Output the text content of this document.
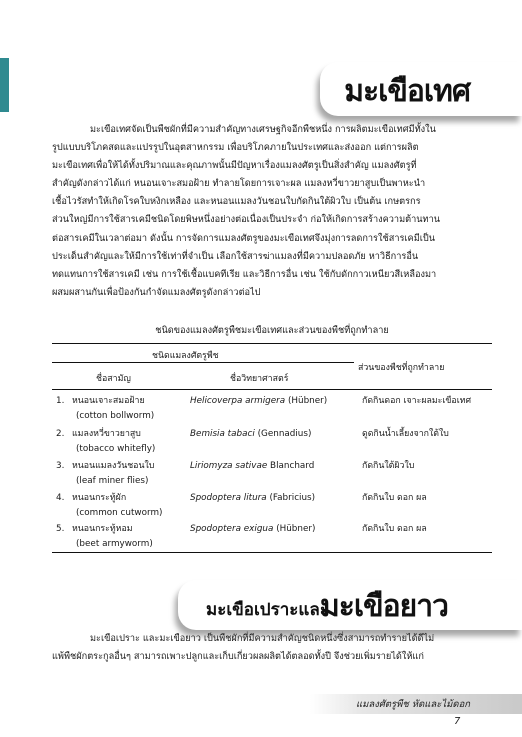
มะเขือเทศ
มะเขือเทศจัดเป็นพืชผักที่มีความสำคัญทางเศรษฐกิจอีกพืชหนึ่ง การผลิตมะเขือเทศมีทั้งใน
รูปแบบบริโภคสดและแปรรูปในอุตสาหกรรม เพื่อบริโภคภายในประเทศและส่งออก แต่การผลิต
มะเขือเทศเพื่อให้ได้ทั้งปริมาณและคุณภาพนั้นมีปัญหาเรื่องแมลงศัตรูเป็นสิ่งสำคัญ แมลงศัตรูที่
สำคัญดังกล่าวได้แก่ หนอนเจาะสมอฝ้าย ทำลายโดยการเจาะผล แมลงหวี่ขาวยาสูบเป็นพาหะนำ
เชื้อไวรัสทำให้เกิดโรคใบหงิกเหลือง และหนอนแมลงวันชอนใบกัดกินใต้ผิวใบ เป็นต้น เกษตรกร
ส่วนใหญ่มีการใช้สารเคมีชนิดโดยพิษหนึ่งอย่างต่อเนื่องเป็นประจำ ก่อให้เกิดการสร้างความต้านทาน
ต่อสารเคมีในเวลาต่อมา ดังนั้น การจัดการแมลงศัตรูของมะเขือเทศจึงมุ่งการลดการใช้สารเคมีเป็น
ประเด็นสำคัญและให้มีการใช้เท่าที่จำเป็น เลือกใช้สารฆ่าแมลงที่มีความปลอดภัย หาวิธีการอื่น
ทดแทนการใช้สารเคมี เช่น การใช้เชื้อแบคทีเรีย และวิธีการอื่น เช่น ใช้กับดักกาวเหนียวสีเหลืองมา
ผสมผสานกันเพื่อป้องกันกำจัดแมลงศัตรูดังกล่าวต่อไป
ชนิดของแมลงศัตรูพืชมะเขือเทศและส่วนของพืชที่ถูกทำลาย
ชนิดแมลงศัตรูพืช
ชื่อสามัญ	ชื่อวิทยาศาสตร์
ส่วนของพืชที่ถูกทำลาย
1. หนอนเจาะสมอฝ้าย
(cotton bollworm)
Helicoverpa armigera (Hübner)	กัดกินดอก เจาะผลมะเขือเทศ
2. แมลงหวี่ขาวยาสูบ
(tobacco whitefly)
Bemisia tabaci (Gennadius)	ดูดกินน้ำเลี้ยงจากใต้ใบ
3. หนอนแมลงวันชอนใบ
(leaf miner flies)
Liriomyza sativae Blanchard	กัดกินใต้ผิวใบ
4. หนอนกระทู้ผัก
(common cutworm)
Spodoptera litura (Fabricius)	กัดกินใบ ดอก ผล
5. หนอนกระทู้หอม
(beet armyworm)
Spodoptera exigua (Hübner)	กัดกินใบ ดอก ผล
มะเขือเปราะและ
มะเขือยาว
มะเขือเปราะ และมะเขือยาว เป็นพืชผักที่มีความสำคัญชนิดหนึ่งซึ่งสามารถทำรายได้ดีไม่
แพ้พืชผักตระกูลอื่นๆ สามารถเพาะปลูกและเก็บเกี่ยวผลผลิตได้ตลอดทั้งปี จึงช่วยเพิ่มรายได้ให้แก่
แมลงศัตรูพืช หัดและไม้ดอก
7
